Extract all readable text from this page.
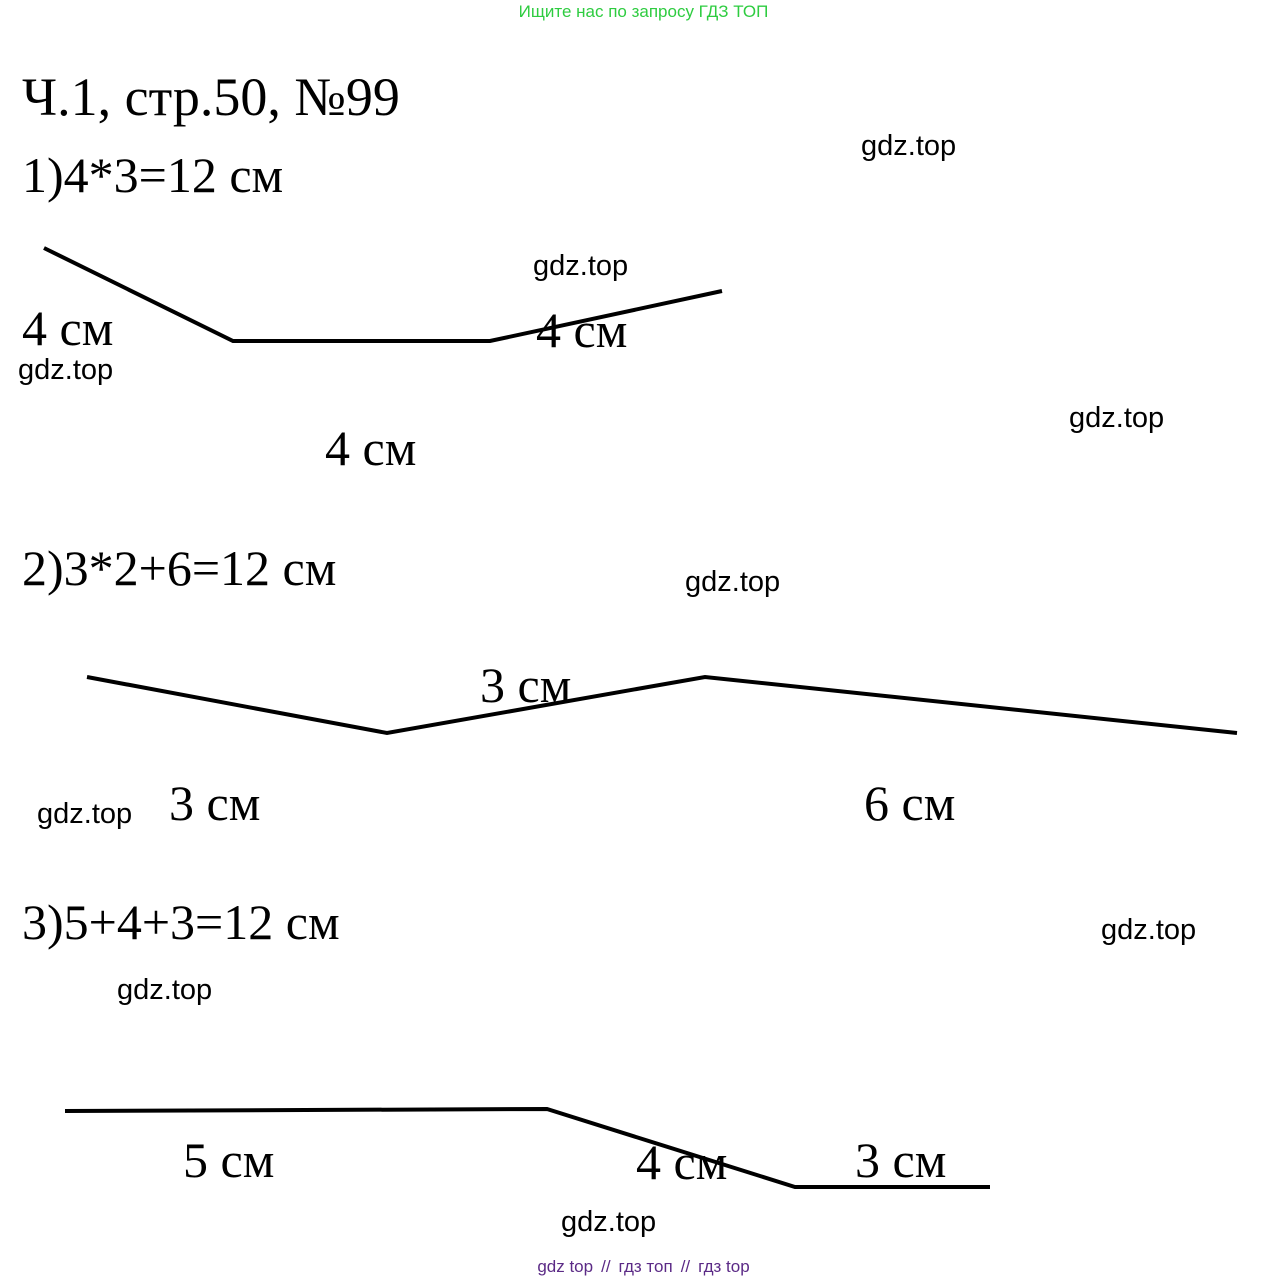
Ищите нас по запросу ГДЗ ТОП
Ч.1, стр.50, №99
1)4*3=12 см
4 см	4 см
4 см
2)3*2+6=12 см
3 см
3 см
6 см
3)5+4+3=12 см
5 см	4 см	3 см
gdz.top
gdz.top
gdz.top
gdz.top
gdz.top
gdz.top
gdz.top
gdz.top
gdz.top
gdz top // гдз топ // гдз top
